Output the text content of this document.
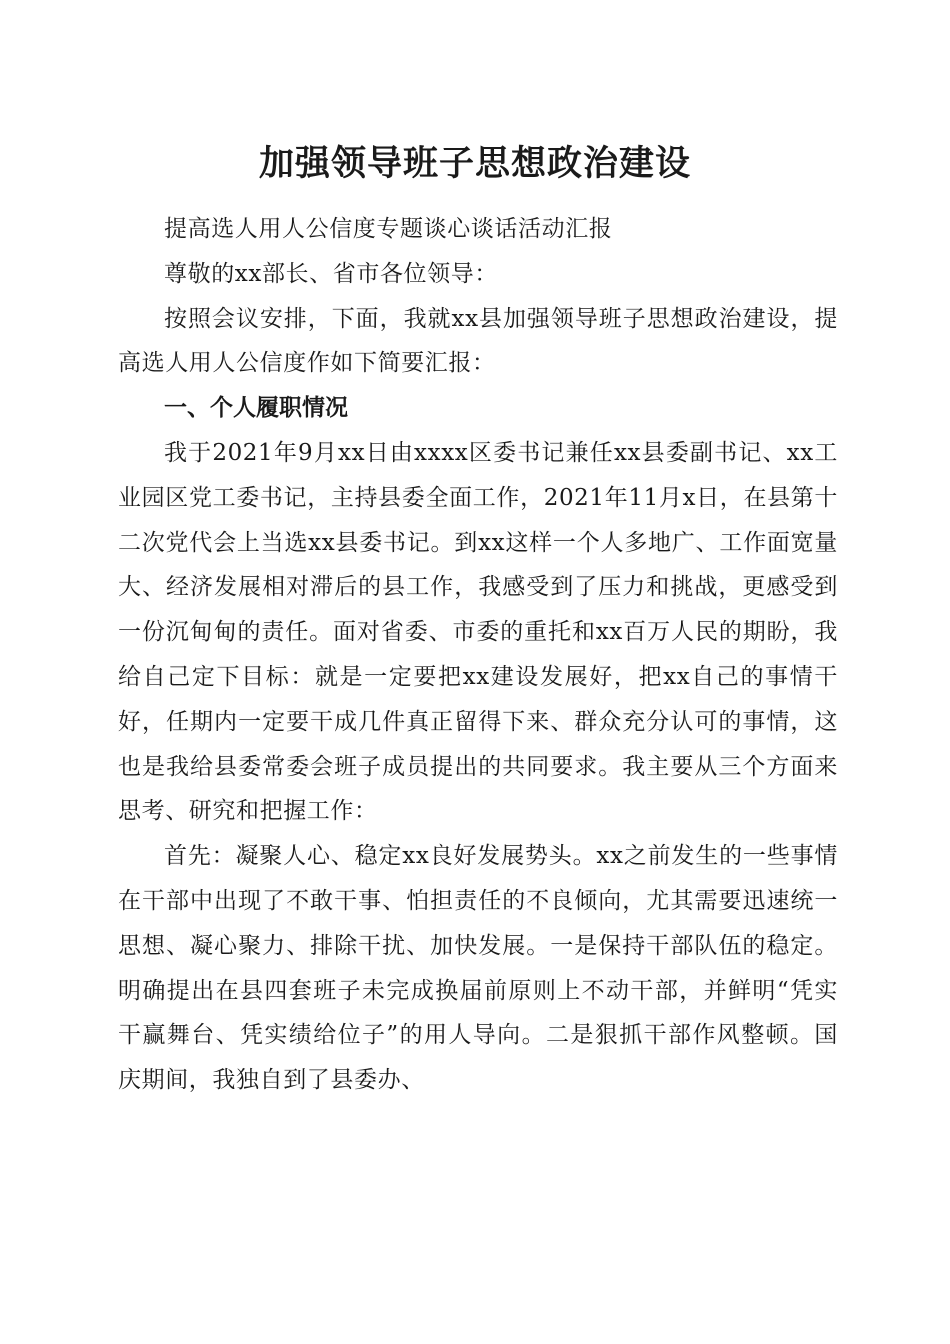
加强领导班子思想政治建设

提高选人用人公信度专题谈心谈话活动汇报

尊敬的xx部长、省市各位领导：

按照会议安排，下面，我就xx县加强领导班子思想政治建设，提高选人用人公信度作如下简要汇报：

一、个人履职情况

我于2021年9月xx日由xxxx区委书记兼任xx县委副书记、xx工业园区党工委书记，主持县委全面工作，2021年11月x日，在县第十二次党代会上当选xx县委书记。到xx这样一个人多地广、工作面宽量大、经济发展相对滞后的县工作，我感受到了压力和挑战，更感受到一份沉甸甸的责任。面对省委、市委的重托和xx百万人民的期盼，我给自己定下目标：就是一定要把xx建设发展好，把xx自己的事情干好，任期内一定要干成几件真正留得下来、群众充分认可的事情，这也是我给县委常委会班子成员提出的共同要求。我主要从三个方面来思考、研究和把握工作：

首先：凝聚人心、稳定xx良好发展势头。xx之前发生的一些事情在干部中出现了不敢干事、怕担责任的不良倾向，尤其需要迅速统一思想、凝心聚力、排除干扰、加快发展。一是保持干部队伍的稳定。明确提出在县四套班子未完成换届前原则上不动干部，并鲜明“凭实干赢舞台、凭实绩给位子”的用人导向。二是狠抓干部作风整顿。国庆期间，我独自到了县委办、
